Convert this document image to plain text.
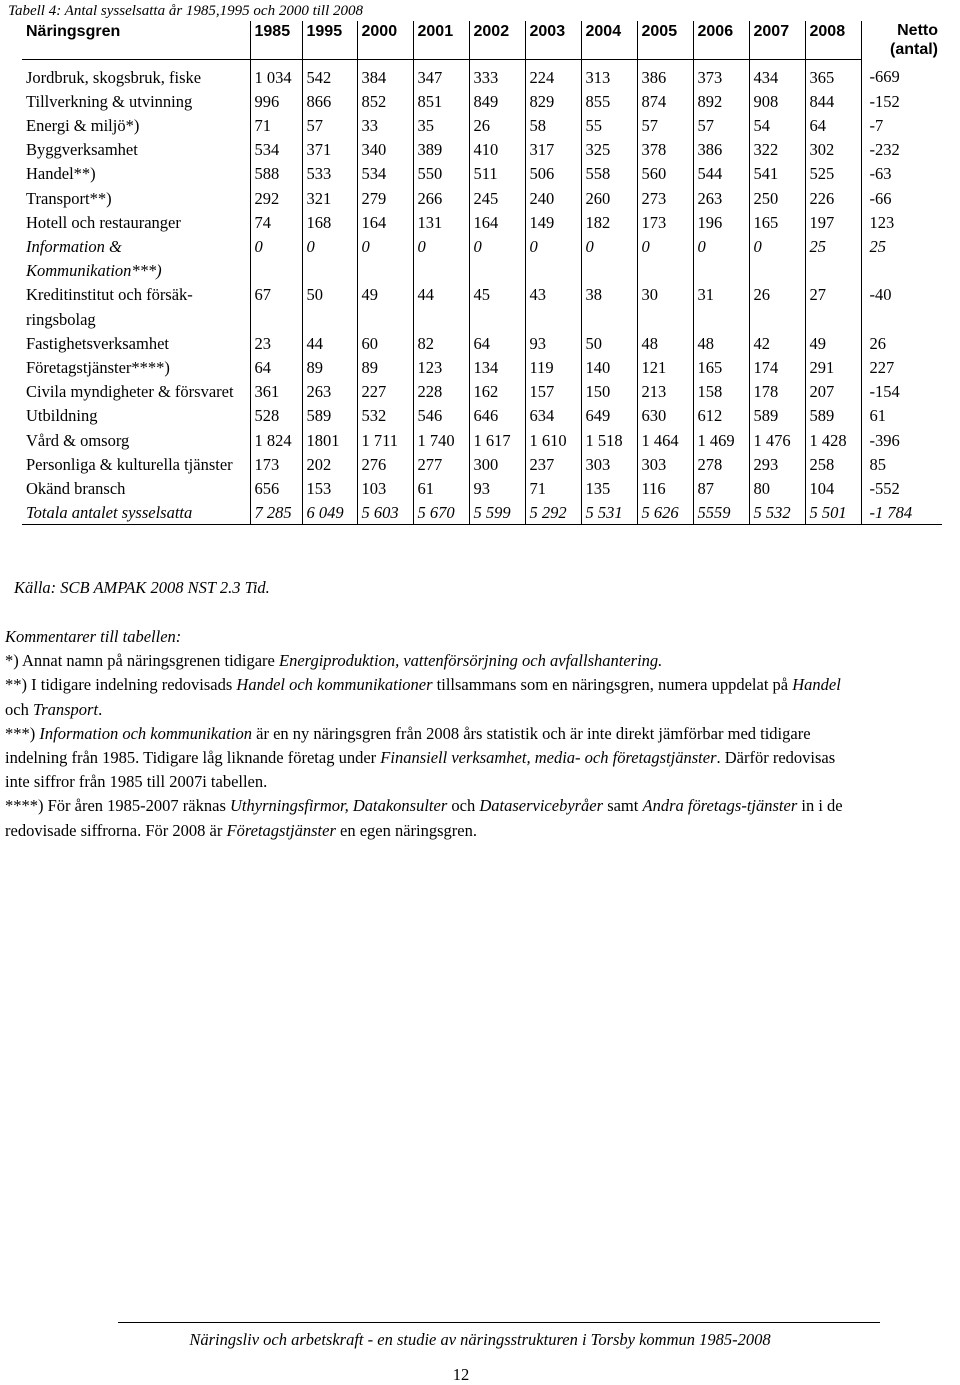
Tabell 4: Antal sysselsatta år 1985,1995 och 2000 till 2008
Näringsgren	1985	1995	2000	2001	2002	2003	2004	2005	2006	2007	2008	Netto
(antal)

Jordbruk, skogsbruk, fiske	1 034	542	384	347	333	224	313	386	373	434	365	-669
Tillverkning & utvinning	996	866	852	851	849	829	855	874	892	908	844	-152
Energi & miljö*)	71	57	33	35	26	58	55	57	57	54	64	-7
Byggverksamhet	534	371	340	389	410	317	325	378	386	322	302	-232
Handel**)	588	533	534	550	511	506	558	560	544	541	525	-63
Transport**)	292	321	279	266	245	240	260	273	263	250	226	-66
Hotell och restauranger	74	168	164	131	164	149	182	173	196	165	197	123
Information & Kommunikation***)	0	0	0	0	0	0	0	0	0	0	25	25
Kreditinstitut och försäk-ringsbolag	67	50	49	44	45	43	38	30	31	26	27	-40
Fastighetsverksamhet	23	44	60	82	64	93	50	48	48	42	49	26
Företagstjänster****)	64	89	89	123	134	119	140	121	165	174	291	227
Civila myndigheter & försvaret	361	263	227	228	162	157	150	213	158	178	207	-154
Utbildning	528	589	532	546	646	634	649	630	612	589	589	61
Vård & omsorg	1 824	1801	1 711	1 740	1 617	1 610	1 518	1 464	1 469	1 476	1 428	-396
Personliga & kulturella tjänster	173	202	276	277	300	237	303	303	278	293	258	85
Okänd bransch	656	153	103	61	93	71	135	116	87	80	104	-552
Totala antalet sysselsatta	7 285	6 049	5 603	5 670	5 599	5 292	5 531	5 626	5559	5 532	5 501	-1 784
Källa: SCB AMPAK 2008 NST 2.3 Tid.

Kommentarer till tabellen:

*) Annat namn på näringsgrenen tidigare Energiproduktion, vattenförsörjning och avfallshantering.

**) I tidigare indelning redovisads Handel och kommunikationer tillsammans som en näringsgren, numera uppdelat på Handel och Transport.

***) Information och kommunikation är en ny näringsgren från 2008 års statistik och är inte direkt jämförbar med tidigare indelning från 1985. Tidigare låg liknande företag under Finansiell verksamhet, media- och företagstjänster. Därför redovisas inte siffror från 1985 till 2007i tabellen.

****) För åren 1985-2007 räknas Uthyrningsfirmor, Datakonsulter och Dataservicebyråer samt Andra företags-tjänster in i de redovisade siffrorna. För 2008 är Företagstjänster en egen näringsgren.

Näringsliv och arbetskraft - en studie av näringsstrukturen i Torsby kommun 1985-2008
12
